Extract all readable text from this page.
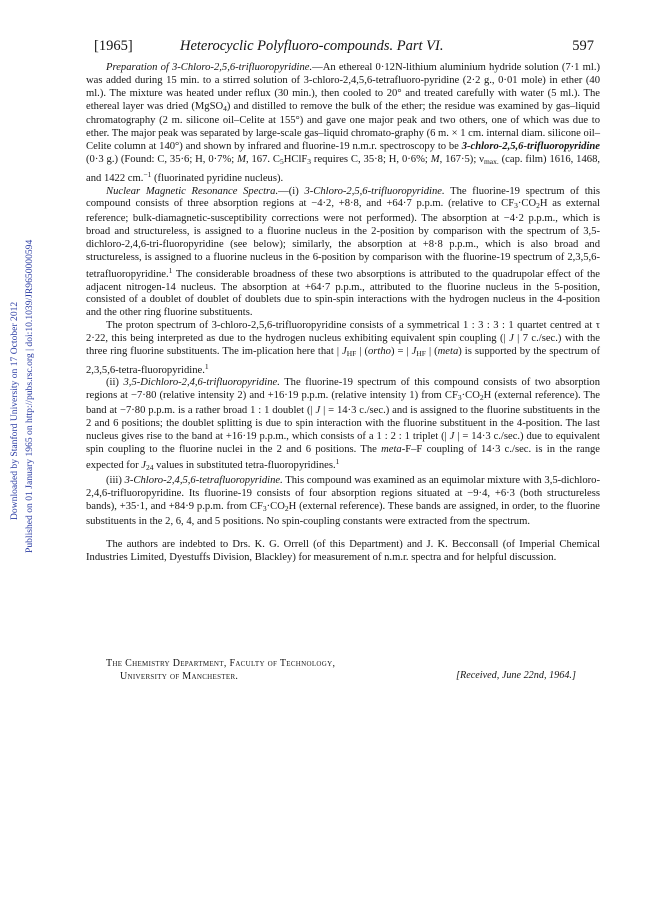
[1965]	Heterocyclic Polyfluoro-compounds. Part VI.	597
Downloaded by Stanford University on 17 October 2012 Published on 01 January 1965 on http://pubs.rsc.org | doi:10.1039/JR9650000594

Preparation of 3-Chloro-2,5,6-trifluoropyridine.—An ethereal 0·12N-lithium aluminium hydride solution (7·1 ml.) was added during 15 min. to a stirred solution of 3-chloro-2,4,5,6-tetrafluoro-pyridine (2·2 g., 0·01 mole) in ether (40 ml.). The mixture was heated under reflux (30 min.), then cooled to 20° and treated carefully with water (5 ml.). The ethereal layer was dried (MgSO$_4$) and distilled to remove the bulk of the ether; the residue was examined by gas–liquid chromatography (2 m. silicone oil–Celite at 155°) and gave one major peak and two others, one of which was due to ether. The major peak was separated by large-scale gas–liquid chromato-graphy (6 m. × 1 cm. internal diam. silicone oil–Celite column at 140°) and shown by infrared and fluorine-19 n.m.r. spectroscopy to be 3-chloro-2,5,6-trifluoropyridine (0·3 g.) (Found: C, 35·6; H, 0·7%; M, 167. $C_5HClF_3$ requires C, 35·8; H, 0·6%; M, 167·5); $\nu_{max.}$ (cap. film) 1616, 1468, and 1422 cm.$^{-1}$ (fluorinated pyridine nucleus).

Nuclear Magnetic Resonance Spectra.—(i) 3-Chloro-2,5,6-trifluoropyridine. The fluorine-19 spectrum of this compound consists of three absorption regions at −4·2, +8·8, and +64·7 p.p.m. (relative to $CF_3\cdot CO_2H$ as external reference; bulk-diamagnetic-susceptibility corrections were not performed). The absorption at −4·2 p.p.m., which is broad and structureless, is assigned to a fluorine nucleus in the 2-position by comparison with the spectrum of 3,5-dichloro-2,4,6-tri-fluoropyridine (see below); similarly, the absorption at +8·8 p.p.m., which is also broad and structureless, is assigned to a fluorine nucleus in the 6-position by comparison with the fluorine-19 spectrum of 2,3,5,6-tetrafluoropyridine.$^1$ The considerable broadness of these two absorptions is attributed to the quadrupolar effect of the adjacent nitrogen-14 nucleus. The absorption at +64·7 p.p.m., attributed to the fluorine nucleus in the 5-position, consisted of a doublet of doublet of doublets due to spin-spin interactions with the hydrogen nucleus in the 4-position and the other ring fluorine substituents.

The proton spectrum of 3-chloro-2,5,6-trifluoropyridine consists of a symmetrical 1 : 3 : 3 : 1 quartet centred at τ 2·22, this being interpreted as due to the hydrogen nucleus exhibiting equivalent spin coupling (| J | 7 c./sec.) with the three ring fluorine substituents. The im-plication here that | $J_{HF}$ | (ortho) = | $J_{HF}$ | (meta) is supported by the spectrum of 2,3,5,6-tetra-fluoropyridine.$^1$

(ii) 3,5-Dichloro-2,4,6-trifluoropyridine. The fluorine-19 spectrum of this compound consists of two absorption regions at −7·80 (relative intensity 2) and +16·19 p.p.m. (relative intensity 1) from $CF_3\cdot CO_2H$ (external reference). The band at −7·80 p.p.m. is a rather broad 1 : 1 doublet (| J | = 14·3 c./sec.) and is assigned to the fluorine substituents in the 2 and 6 positions; the doublet splitting is due to spin interaction with the fluorine substituent in the 4-position. The last nucleus gives rise to the band at +16·19 p.p.m., which consists of a 1 : 2 : 1 triplet (| J | = 14·3 c./sec.) due to equivalent spin coupling to the fluorine nuclei in the 2 and 6 positions. The meta-F–F coupling of 14·3 c./sec. is in the range expected for $J_{24}$ values in substituted tetra-fluoropyridines.$^1$

(iii) 3-Chloro-2,4,5,6-tetrafluoropyridine. This compound was examined as an equimolar mixture with 3,5-dichloro-2,4,6-trifluoropyridine. Its fluorine-19 consists of four absorption regions situated at −9·4, +6·3 (both structureless bands), +35·1, and +84·9 p.p.m. from $CF_3\cdot CO_2H$ (external reference). These bands are assigned, in order, to the fluorine substituents in the 2, 6, 4, and 5 positions. No spin-coupling constants were extracted from the spectrum.

The authors are indebted to Drs. K. G. Orrell (of this Department) and J. K. Becconsall (of Imperial Chemical Industries Limited, Dyestuffs Division, Blackley) for measurement of n.m.r. spectra and for helpful discussion.

The Chemistry Department, Faculty of Technology,
University of Manchester.	[Received, June 22nd, 1964.]
